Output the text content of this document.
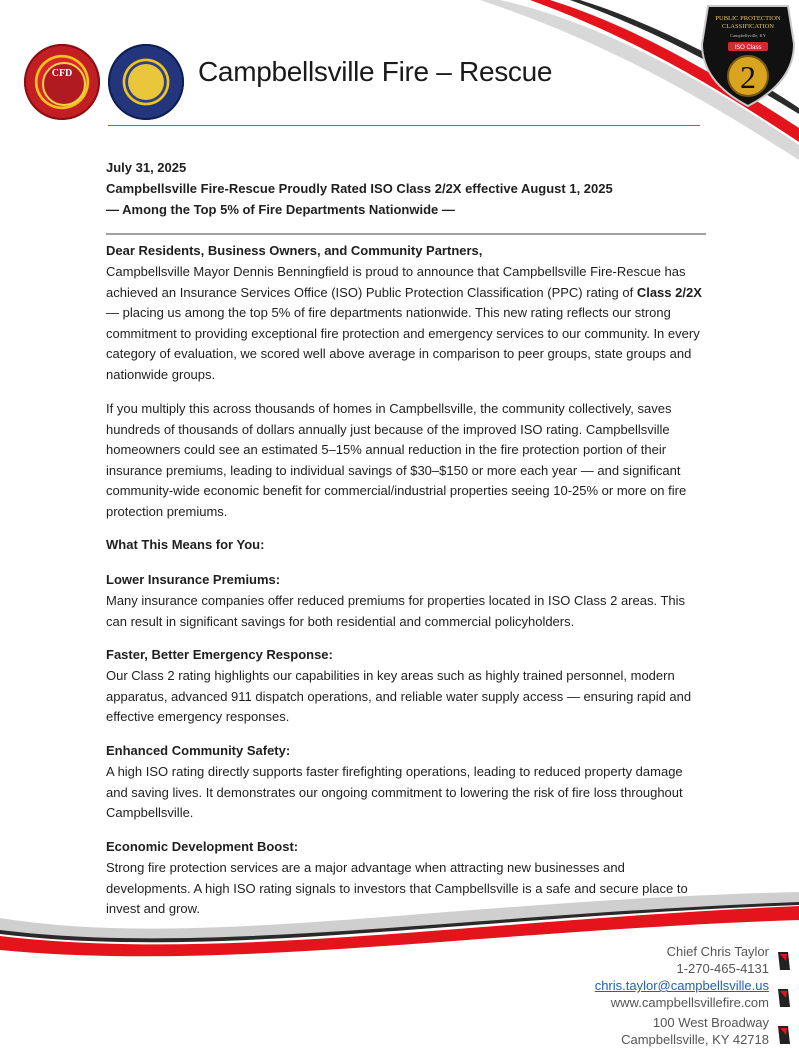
PUBLIC PROTECTION
CLASSIFICATION
Campbellsville, KY
ISO Class
2
CFD	Campbellsville Fire – Rescue
July 31, 2025
Campbellsville Fire-Rescue Proudly Rated ISO Class 2/2X effective August 1, 2025
— Among the Top 5% of Fire Departments Nationwide —
Dear Residents, Business Owners, and Community Partners,

Campbellsville Mayor Dennis Benningfield is proud to announce that Campbellsville Fire-Rescue has achieved an Insurance Services Office (ISO) Public Protection Classification (PPC) rating of Class 2/2X — placing us among the top 5% of fire departments nationwide. This new rating reflects our strong commitment to providing exceptional fire protection and emergency services to our community. In every category of evaluation, we scored well above average in comparison to peer groups, state groups and nationwide groups.

If you multiply this across thousands of homes in Campbellsville, the community collectively, saves hundreds of thousands of dollars annually just because of the improved ISO rating. Campbellsville homeowners could see an estimated 5–15% annual reduction in the fire protection portion of their insurance premiums, leading to individual savings of $30–$150 or more each year — and significant community-wide economic benefit for commercial/industrial properties seeing 10-25% or more on fire protection premiums.

What This Means for You:
Lower Insurance Premiums:

Many insurance companies offer reduced premiums for properties located in ISO Class 2 areas. This can result in significant savings for both residential and commercial policyholders.

Faster, Better Emergency Response:

Our Class 2 rating highlights our capabilities in key areas such as highly trained personnel, modern apparatus, advanced 911 dispatch operations, and reliable water supply access — ensuring rapid and effective emergency responses.

Enhanced Community Safety:

A high ISO rating directly supports faster firefighting operations, leading to reduced property damage and saving lives. It demonstrates our ongoing commitment to lowering the risk of fire loss throughout Campbellsville.

Economic Development Boost:

Strong fire protection services are a major advantage when attracting new businesses and developments. A high ISO rating signals to investors that Campbellsville is a safe and secure place to invest and grow.

Chief Chris Taylor
1-270-465-4131
chris.taylor@campbellsville.us
www.campbellsvillefire.com
100 West Broadway
Campbellsville, KY 42718
